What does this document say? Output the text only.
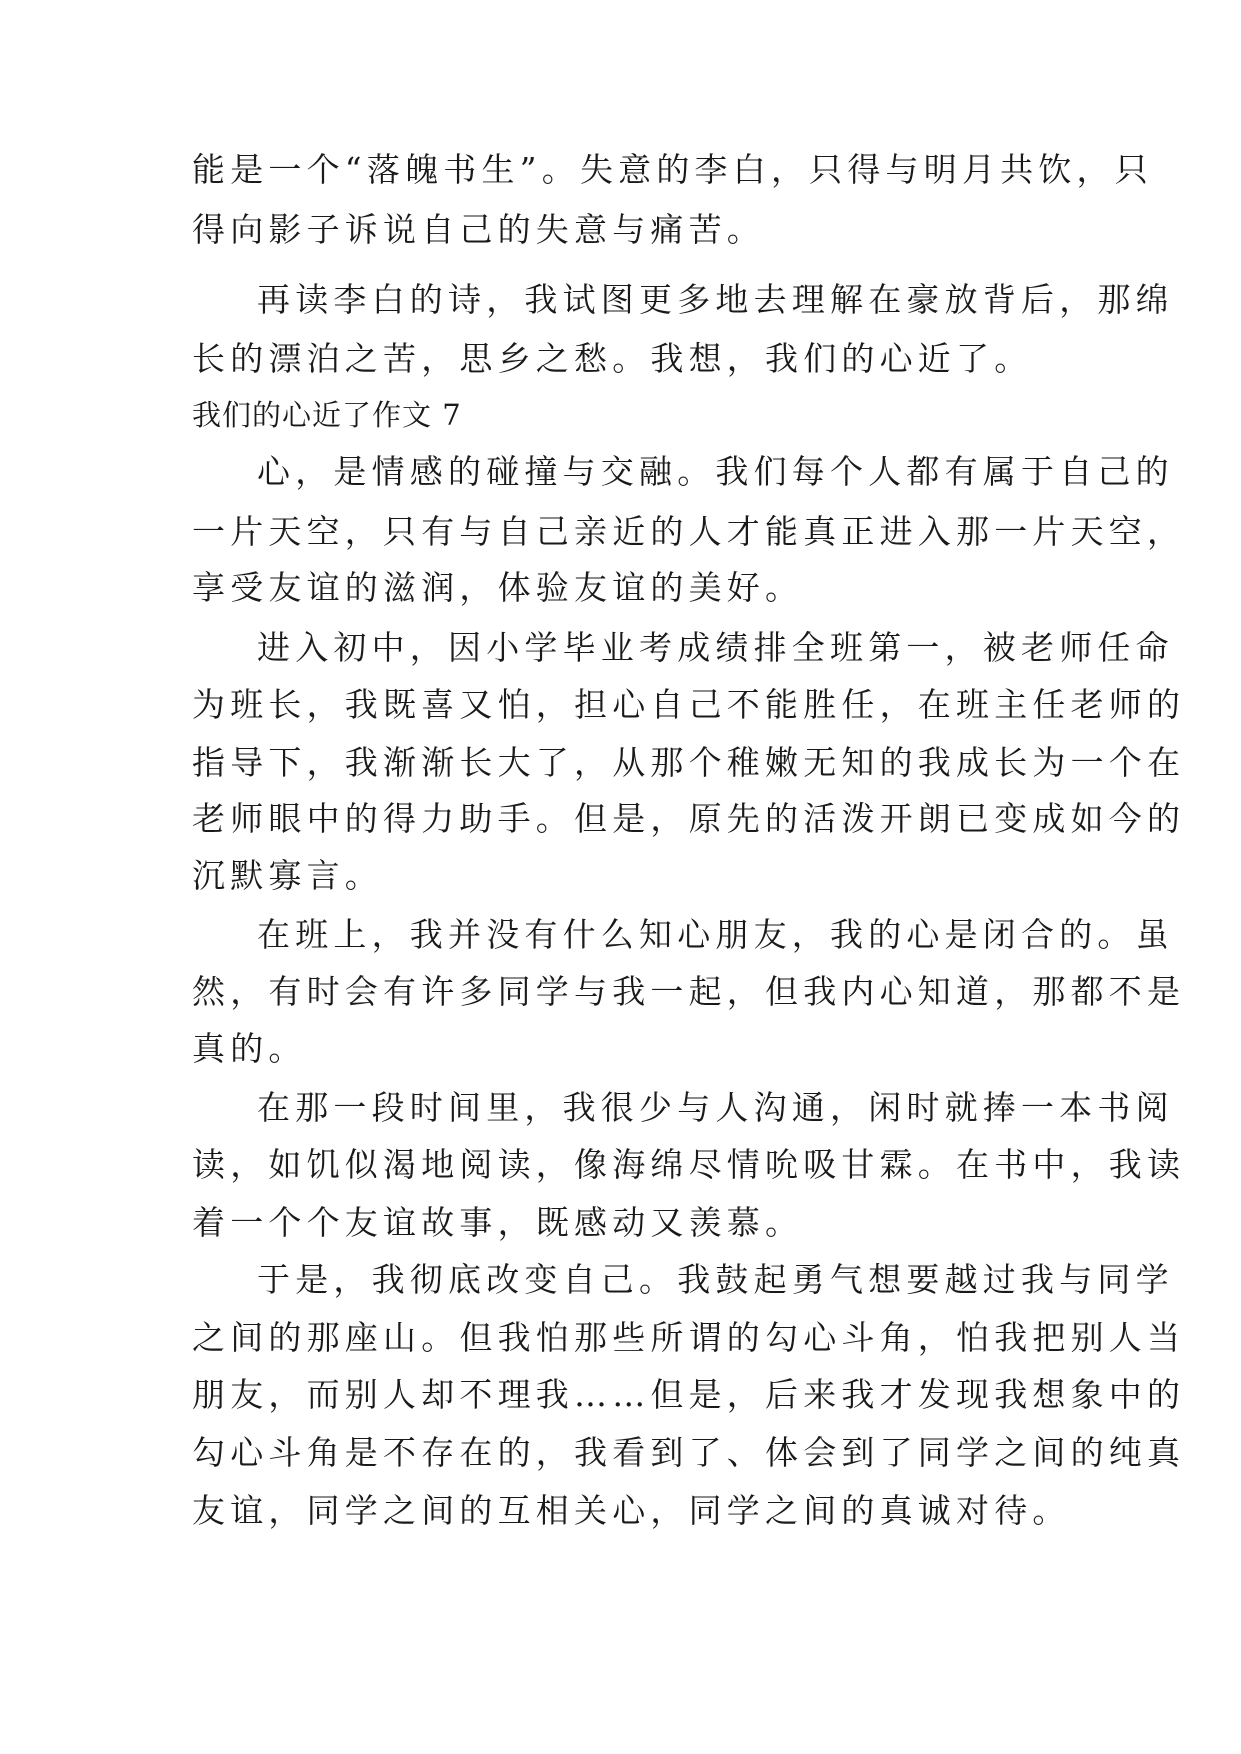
能是一个“落魄书生”。失意的李白，只得与明月共饮，只
得向影子诉说自己的失意与痛苦。
再读李白的诗，我试图更多地去理解在豪放背后，那绵
长的漂泊之苦，思乡之愁。我想，我们的心近了。
我们的心近了作文 7
心，是情感的碰撞与交融。我们每个人都有属于自己的
一片天空，只有与自己亲近的人才能真正进入那一片天空，
享受友谊的滋润，体验友谊的美好。
进入初中，因小学毕业考成绩排全班第一，被老师任命
为班长，我既喜又怕，担心自己不能胜任，在班主任老师的
指导下，我渐渐长大了，从那个稚嫩无知的我成长为一个在
老师眼中的得力助手。但是，原先的活泼开朗已变成如今的
沉默寡言。
在班上，我并没有什么知心朋友，我的心是闭合的。虽
然，有时会有许多同学与我一起，但我内心知道，那都不是
真的。
在那一段时间里，我很少与人沟通，闲时就捧一本书阅
读，如饥似渴地阅读，像海绵尽情吮吸甘霖。在书中，我读
着一个个友谊故事，既感动又羡慕。
于是，我彻底改变自己。我鼓起勇气想要越过我与同学
之间的那座山。但我怕那些所谓的勾心斗角，怕我把别人当
朋友，而别人却不理我……但是，后来我才发现我想象中的
勾心斗角是不存在的，我看到了、体会到了同学之间的纯真
友谊，同学之间的互相关心，同学之间的真诚对待。
